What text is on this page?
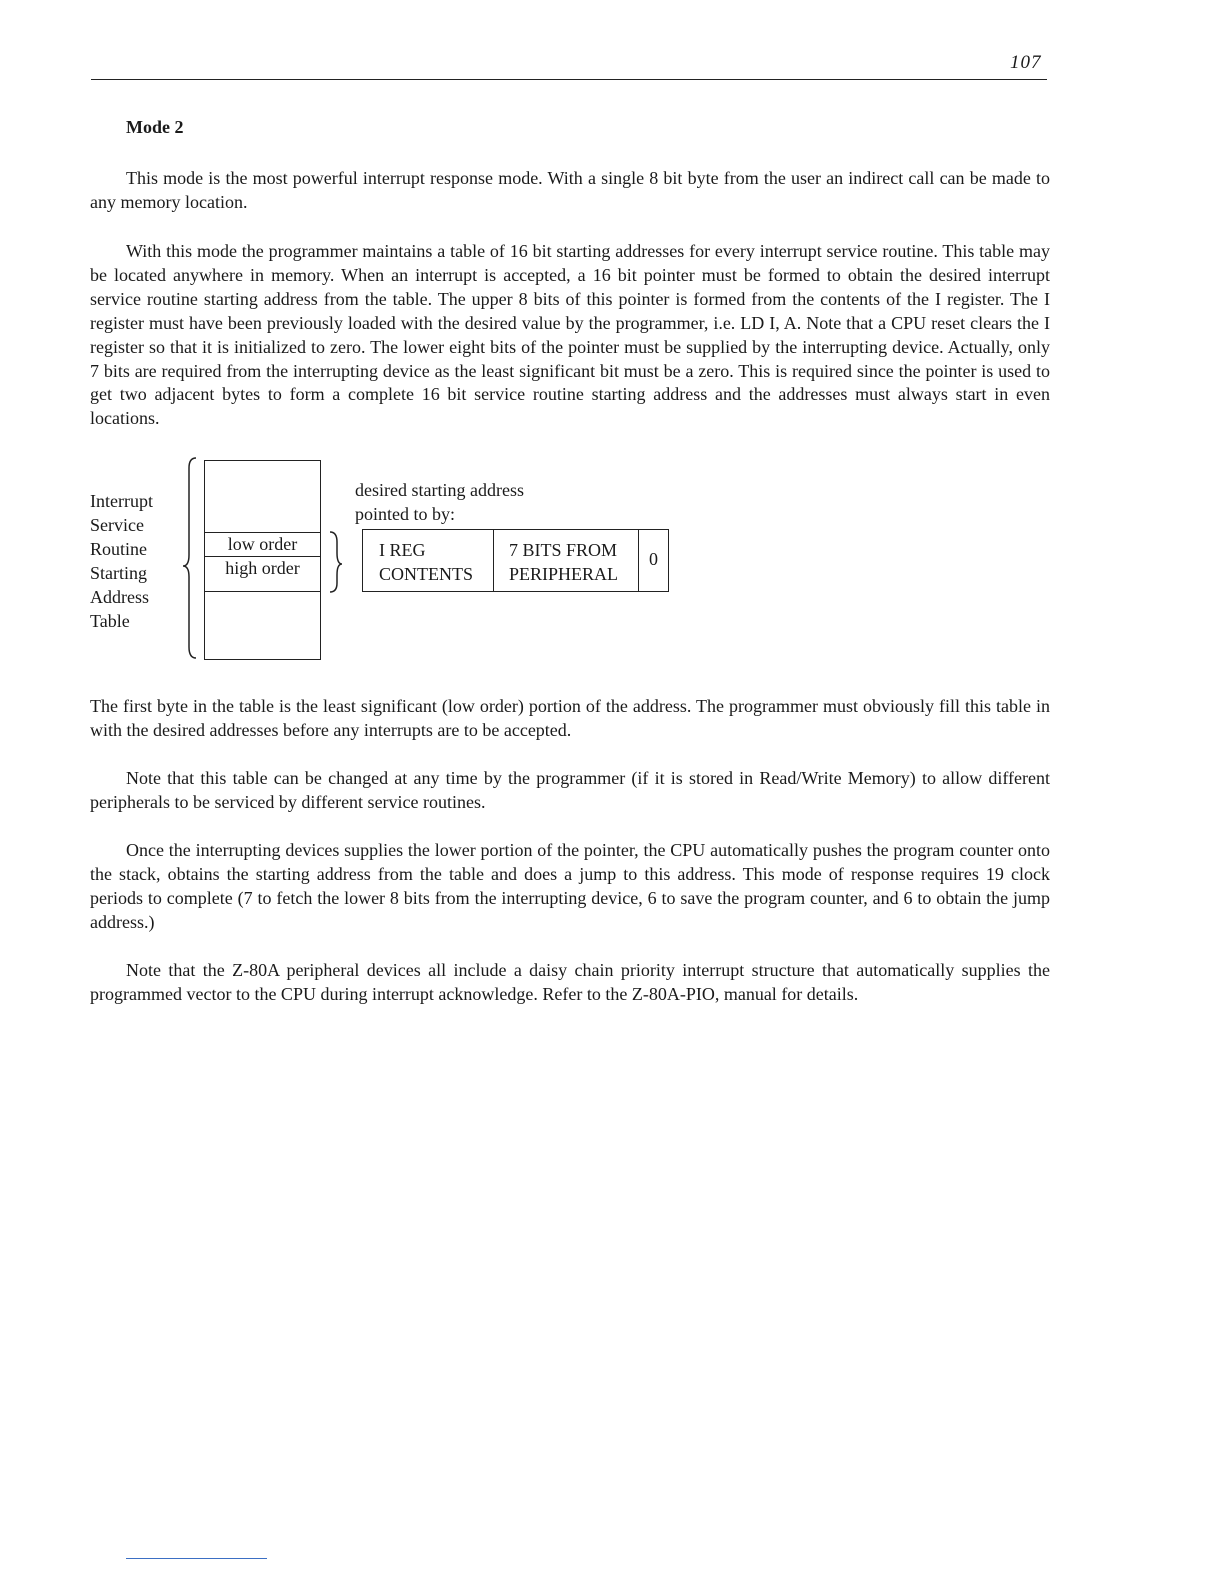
107
Mode 2

This mode is the most powerful interrupt response mode. With a single 8 bit byte from the user an indirect call can be made to any memory location.

With this mode the programmer maintains a table of 16 bit starting addresses for every interrupt service routine. This table may be located anywhere in memory. When an interrupt is accepted, a 16 bit pointer must be formed to obtain the desired interrupt service routine starting address from the table. The upper 8 bits of this pointer is formed from the contents of the I register. The I register must have been previously loaded with the desired value by the programmer, i.e. LD I, A. Note that a CPU reset clears the I register so that it is initialized to zero. The lower eight bits of the pointer must be supplied by the interrupting device. Actually, only 7 bits are required from the interrupting device as the least significant bit must be a zero. This is required since the pointer is used to get two adjacent bytes to form a complete 16 bit service routine starting address and the addresses must always start in even locations.

Interrupt
Service
Routine
Starting
Address
Table
low order
high order
desired starting address
pointed to by:
I REG
CONTENTS
7 BITS FROM
PERIPHERAL
0

The first byte in the table is the least significant (low order) portion of the address. The programmer must obviously fill this table in with the desired addresses before any interrupts are to be accepted.

Note that this table can be changed at any time by the programmer (if it is stored in Read/Write Memory) to allow different peripherals to be serviced by different service routines.

Once the interrupting devices supplies the lower portion of the pointer, the CPU automatically pushes the program counter onto the stack, obtains the starting address from the table and does a jump to this address. This mode of response requires 19 clock periods to complete (7 to fetch the lower 8 bits from the interrupting device, 6 to save the program counter, and 6 to obtain the jump address.)

Note that the Z-80A peripheral devices all include a daisy chain priority interrupt structure that automatically supplies the programmed vector to the CPU during interrupt acknowledge. Refer to the Z-80A-PIO, manual for details.
